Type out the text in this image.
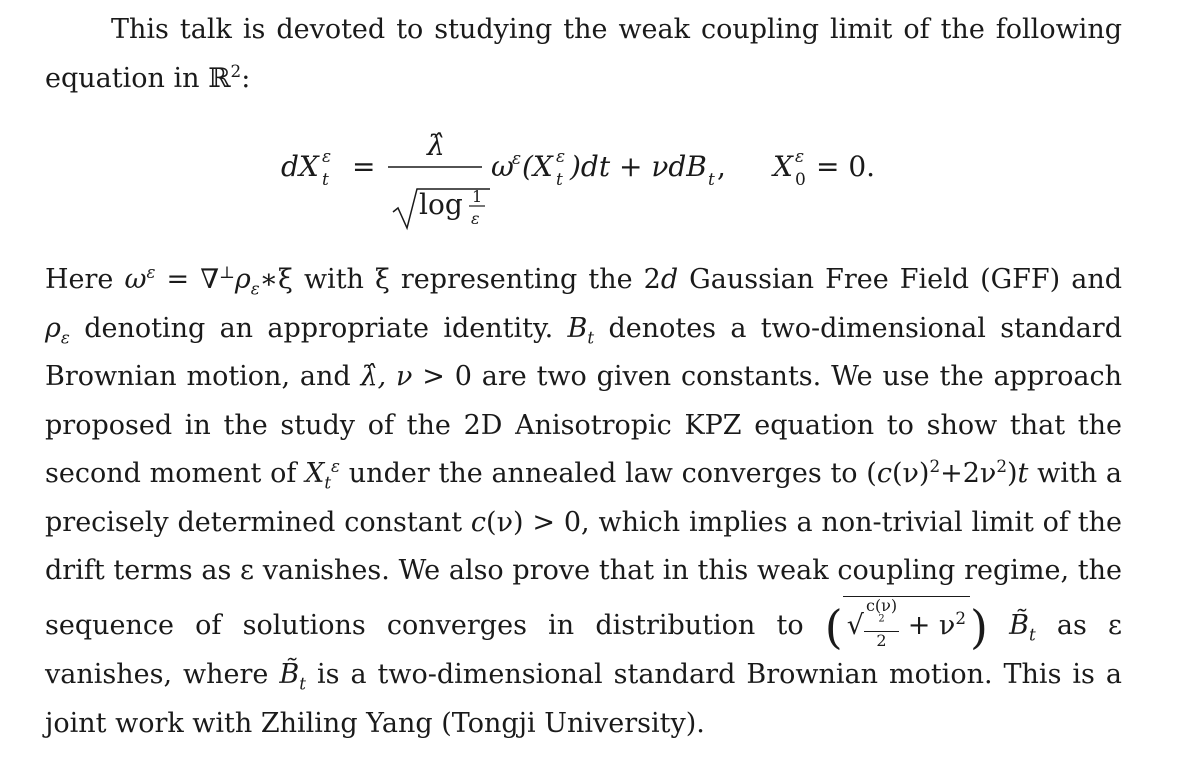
This talk is devoted to studying the weak coupling limit of the following equation in ℝ$^2$:
dX t
ε =
λ̂
log 1
ε
ω
ε (X t
ε )dt + νdB t , X 0
ε = 0.
Here $\omega^\varepsilon$ = $\nabla^\perp\rho_\varepsilon∗\xi$ with ξ representing the 2d Gaussian Free Field (GFF) and $\rho_\varepsilon$ denoting an appropriate identity. $B_t$ denotes a two-dimensional standard Brownian motion, and λ̂, ν > 0 are two given constants. We use the approach proposed in the study of the 2D Anisotropic KPZ equation to show that the second moment of $X_t^\varepsilon$ under the annealed law converges to $(c(\nu)^2+2\nu^2)t$ with a precisely determined constant c(ν) > 0, which implies a non-trivial limit of the drift terms as ε vanishes. We also prove that in this weak coupling regime, the sequence of solutions converges in distribution to ( √ c(ν)
$^2$
$2 + \nu^2$) $B̃_t$ as ε vanishes, where $B̃_t$ is a two-dimensional standard Brownian motion. This is a joint work with Zhiling Yang (Tongji University).
